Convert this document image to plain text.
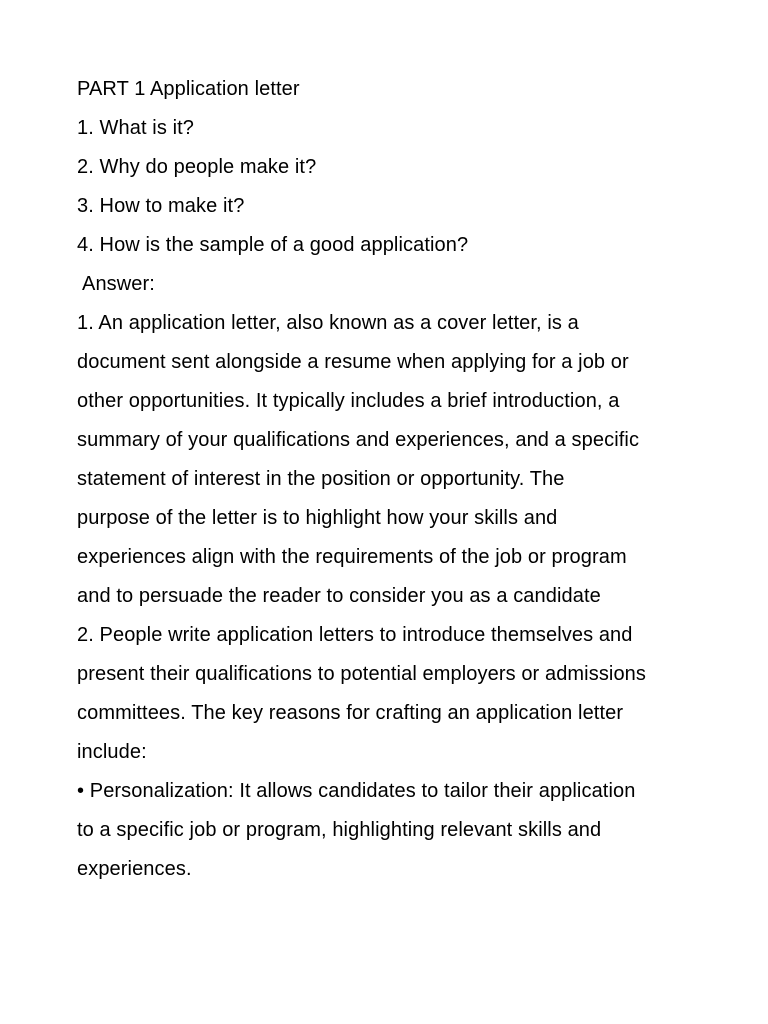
PART 1 Application letter

1. What is it?

2. Why do people make it?

3. How to make it?

4. How is the sample of a good application?

Answer:

1. An application letter, also known as a cover letter, is a

document sent alongside a resume when applying for a job or

other opportunities. It typically includes a brief introduction, a

summary of your qualifications and experiences, and a specific

statement of interest in the position or opportunity. The

purpose of the letter is to highlight how your skills and

experiences align with the requirements of the job or program

and to persuade the reader to consider you as a candidate

2. People write application letters to introduce themselves and

present their qualifications to potential employers or admissions

committees. The key reasons for crafting an application letter

include:

• Personalization: It allows candidates to tailor their application

to a specific job or program, highlighting relevant skills and

experiences.
